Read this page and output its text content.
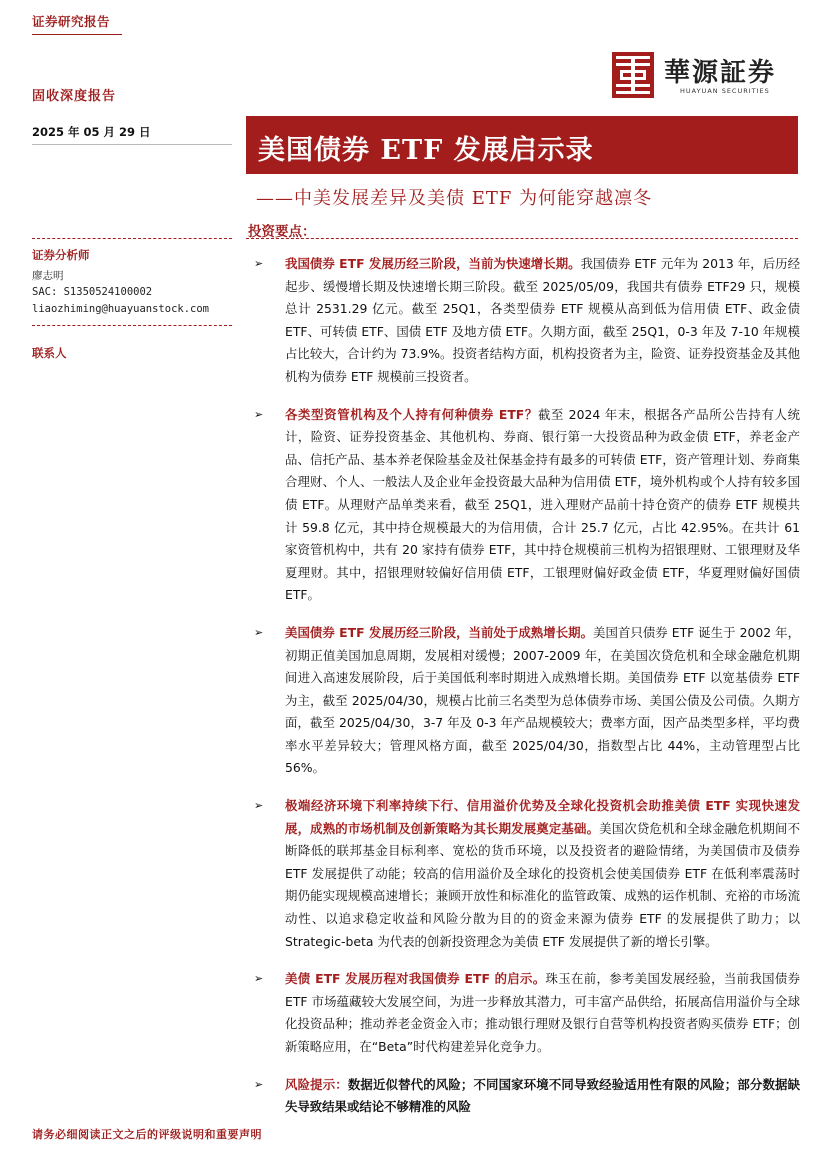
证券研究报告
華源証券
HUAYUAN SECURITIES
固收深度报告
2025 年 05 月 29 日
美国债券 ETF 发展启示录
——中美发展差异及美债 ETF 为何能穿越凛冬
投资要点：
证券分析师
廖志明
SAC: S1350524100002
liaozhiming@huayuanstock.com
联系人
➢ 我国债券 ETF 发展历经三阶段，当前为快速增长期。我国债券 ETF 元年为 2013 年，后历经起步、缓慢增长期及快速增长期三阶段。截至 2025/05/09，我国共有债券 ETF29 只，规模总计 2531.29 亿元。截至 25Q1，各类型债券 ETF 规模从高到低为信用债 ETF、政金债 ETF、可转债 ETF、国债 ETF 及地方债 ETF。久期方面，截至 25Q1，0-3 年及 7-10 年规模占比较大，合计约为 73.9%。投资者结构方面，机构投资者为主，险资、证券投资基金及其他机构为债券 ETF 规模前三投资者。
➢ 各类型资管机构及个人持有何种债券 ETF？截至 2024 年末，根据各产品所公告持有人统计，险资、证券投资基金、其他机构、券商、银行第一大投资品种为政金债 ETF，养老金产品、信托产品、基本养老保险基金及社保基金持有最多的可转债 ETF，资产管理计划、券商集合理财、个人、一般法人及企业年金投资最大品种为信用债 ETF，境外机构或个人持有较多国债 ETF。从理财产品单类来看，截至 25Q1，进入理财产品前十持仓资产的债券 ETF 规模共计 59.8 亿元，其中持仓规模最大的为信用债，合计 25.7 亿元，占比 42.95%。在共计 61 家资管机构中，共有 20 家持有债券 ETF，其中持仓规模前三机构为招银理财、工银理财及华夏理财。其中，招银理财较偏好信用债 ETF，工银理财偏好政金债 ETF，华夏理财偏好国债 ETF。
➢ 美国债券 ETF 发展历经三阶段，当前处于成熟增长期。美国首只债券 ETF 诞生于 2002 年，初期正值美国加息周期，发展相对缓慢；2007-2009 年，在美国次贷危机和全球金融危机期间进入高速发展阶段，后于美国低利率时期进入成熟增长期。美国债券 ETF 以宽基债券 ETF 为主，截至 2025/04/30，规模占比前三名类型为总体债券市场、美国公债及公司债。久期方面，截至 2025/04/30，3-7 年及 0-3 年产品规模较大；费率方面，因产品类型多样，平均费率水平差异较大；管理风格方面，截至 2025/04/30，指数型占比 44%，主动管理型占比 56%。
➢ 极端经济环境下利率持续下行、信用溢价优势及全球化投资机会助推美债 ETF 实现快速发展，成熟的市场机制及创新策略为其长期发展奠定基础。美国次贷危机和全球金融危机期间不断降低的联邦基金目标利率、宽松的货币环境，以及投资者的避险情绪，为美国债市及债券 ETF 发展提供了动能；较高的信用溢价及全球化的投资机会使美国债券 ETF 在低利率震荡时期仍能实现规模高速增长；兼顾开放性和标准化的监管政策、成熟的运作机制、充裕的市场流动性、以追求稳定收益和风险分散为目的的资金来源为债券 ETF 的发展提供了助力；以 Strategic-beta 为代表的创新投资理念为美债 ETF 发展提供了新的增长引擎。
➢ 美债 ETF 发展历程对我国债券 ETF 的启示。珠玉在前，参考美国发展经验，当前我国债券 ETF 市场蕴藏较大发展空间，为进一步释放其潜力，可丰富产品供给，拓展高信用溢价与全球化投资品种；推动养老金资金入市；推动银行理财及银行自营等机构投资者购买债券 ETF；创新策略应用，在“Beta”时代构建差异化竞争力。
➢ 风险提示：数据近似替代的风险；不同国家环境不同导致经验适用性有限的风险；部分数据缺失导致结果或结论不够精准的风险
请务必细阅读正文之后的评级说明和重要声明
